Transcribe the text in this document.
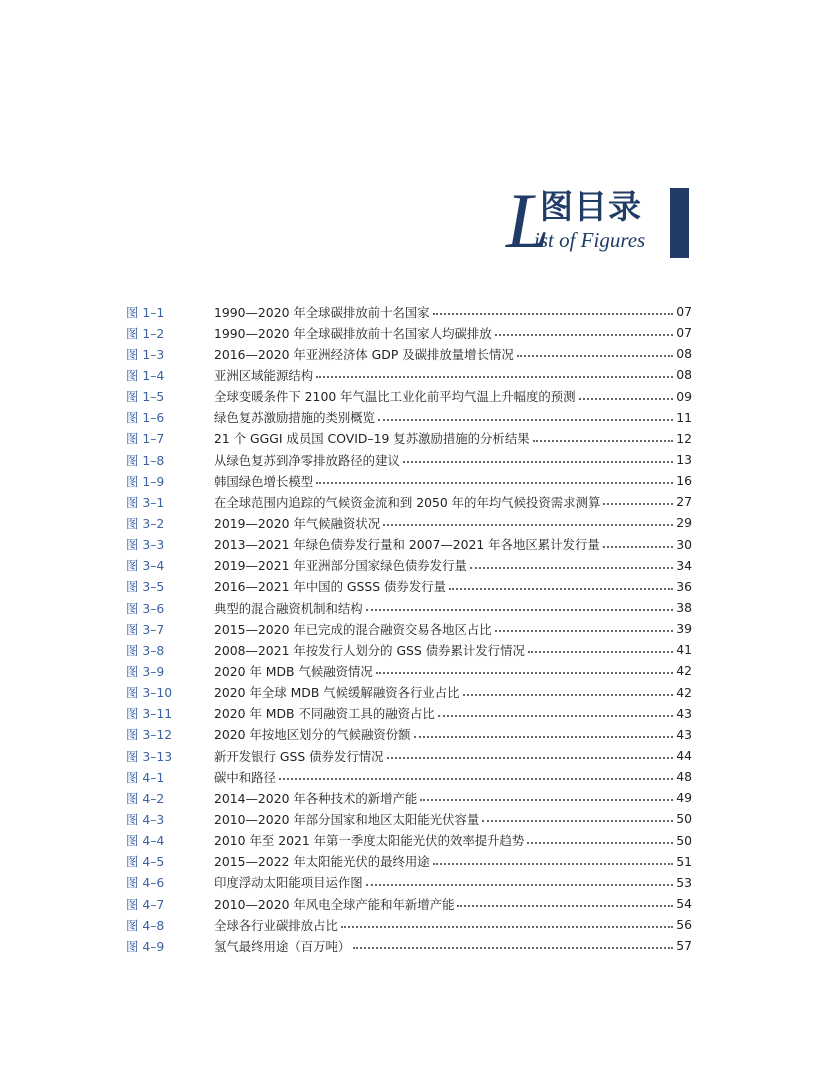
L
图目录
ist of Figures
图 1–1	1990—2020 年全球碳排放前十名国家	07
图 1–2	1990—2020 年全球碳排放前十名国家人均碳排放	07
图 1–3	2016—2020 年亚洲经济体 GDP 及碳排放量增长情况	08
图 1–4	亚洲区域能源结构	08
图 1–5	全球变暖条件下 2100 年气温比工业化前平均气温上升幅度的预测	09
图 1–6	绿色复苏激励措施的类别概览	11
图 1–7	21 个 GGGI 成员国 COVID–19 复苏激励措施的分析结果	12
图 1–8	从绿色复苏到净零排放路径的建议	13
图 1–9	韩国绿色增长模型	16
图 3–1	在全球范围内追踪的气候资金流和到 2050 年的年均气候投资需求测算	27
图 3–2	2019—2020 年气候融资状况	29
图 3–3	2013—2021 年绿色债券发行量和 2007—2021 年各地区累计发行量	30
图 3–4	2019—2021 年亚洲部分国家绿色债券发行量	34
图 3–5	2016—2021 年中国的 GSSS 债券发行量	36
图 3–6	典型的混合融资机制和结构	38
图 3–7	2015—2020 年已完成的混合融资交易各地区占比	39
图 3–8	2008—2021 年按发行人划分的 GSS 债券累计发行情况	41
图 3–9	2020 年 MDB 气候融资情况	42
图 3–10	2020 年全球 MDB 气候缓解融资各行业占比	42
图 3–11	2020 年 MDB 不同融资工具的融资占比	43
图 3–12	2020 年按地区划分的气候融资份额	43
图 3–13	新开发银行 GSS 债券发行情况	44
图 4–1	碳中和路径	48
图 4–2	2014—2020 年各种技术的新增产能	49
图 4–3	2010—2020 年部分国家和地区太阳能光伏容量	50
图 4–4	2010 年至 2021 年第一季度太阳能光伏的效率提升趋势	50
图 4–5	2015—2022 年太阳能光伏的最终用途	51
图 4–6	印度浮动太阳能项目运作图	53
图 4–7	2010—2020 年风电全球产能和年新增产能	54
图 4–8	全球各行业碳排放占比	56
图 4–9	氢气最终用途（百万吨）	57
